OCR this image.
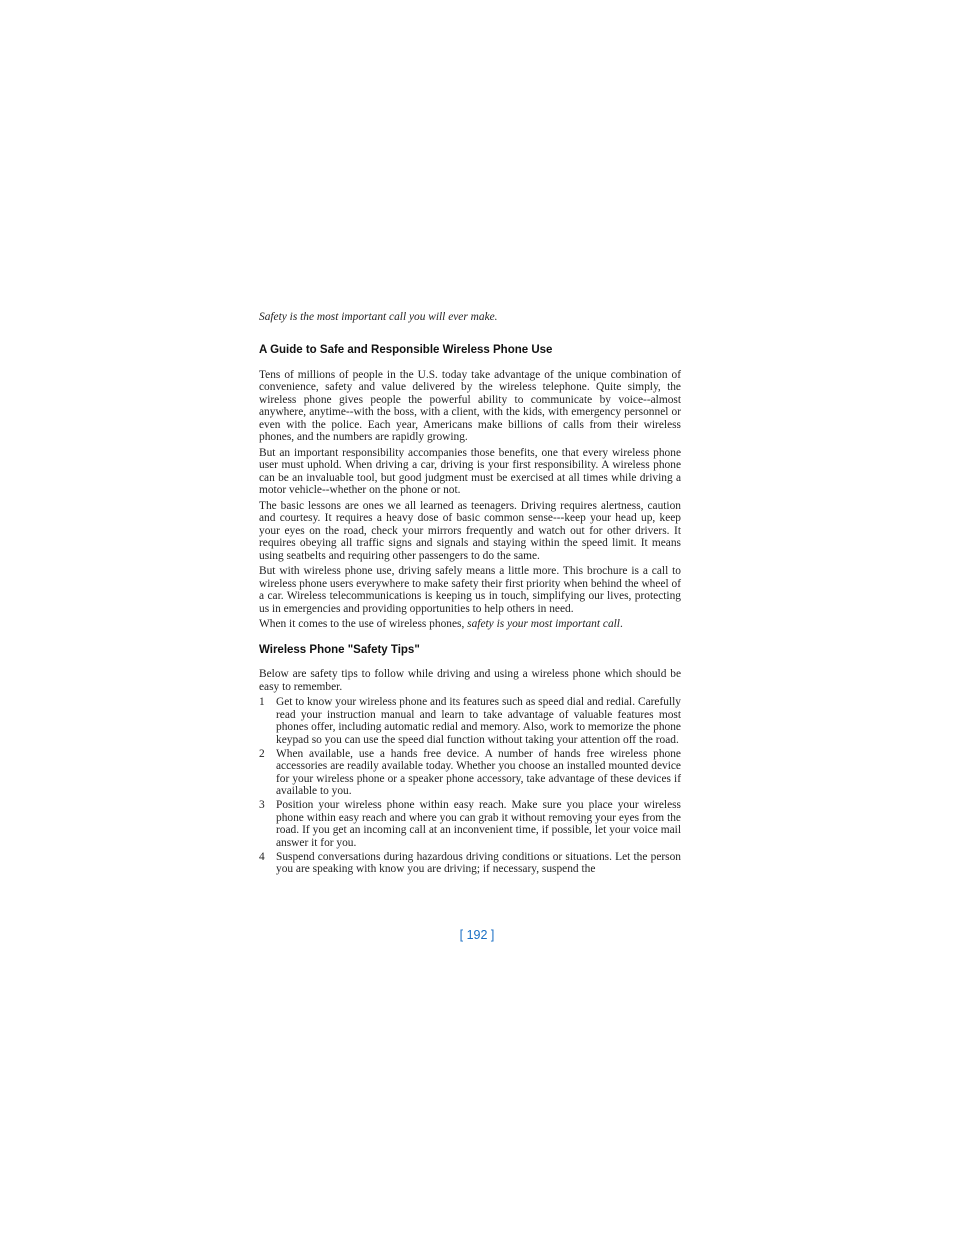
Safety is the most important call you will ever make.

A Guide to Safe and Responsible Wireless Phone Use

Tens of millions of people in the U.S. today take advantage of the unique combination of convenience, safety and value delivered by the wireless telephone. Quite simply, the wireless phone gives people the powerful ability to communicate by voice--almost anywhere, anytime--with the boss, with a client, with the kids, with emergency personnel or even with the police. Each year, Americans make billions of calls from their wireless phones, and the numbers are rapidly growing.

But an important responsibility accompanies those benefits, one that every wireless phone user must uphold. When driving a car, driving is your first responsibility. A wireless phone can be an invaluable tool, but good judgment must be exercised at all times while driving a motor vehicle--whether on the phone or not.

The basic lessons are ones we all learned as teenagers. Driving requires alertness, caution and courtesy. It requires a heavy dose of basic common sense---keep your head up, keep your eyes on the road, check your mirrors frequently and watch out for other drivers. It requires obeying all traffic signs and signals and staying within the speed limit. It means using seatbelts and requiring other passengers to do the same.

But with wireless phone use, driving safely means a little more. This brochure is a call to wireless phone users everywhere to make safety their first priority when behind the wheel of a car. Wireless telecommunications is keeping us in touch, simplifying our lives, protecting us in emergencies and providing opportunities to help others in need.

When it comes to the use of wireless phones, safety is your most important call.

Wireless Phone "Safety Tips"

Below are safety tips to follow while driving and using a wireless phone which should be easy to remember.

1 Get to know your wireless phone and its features such as speed dial and redial. Carefully read your instruction manual and learn to take advantage of valuable features most phones offer, including automatic redial and memory. Also, work to memorize the phone keypad so you can use the speed dial function without taking your attention off the road.
2 When available, use a hands free device. A number of hands free wireless phone accessories are readily available today. Whether you choose an installed mounted device for your wireless phone or a speaker phone accessory, take advantage of these devices if available to you.
3 Position your wireless phone within easy reach. Make sure you place your wireless phone within easy reach and where you can grab it without removing your eyes from the road. If you get an incoming call at an inconvenient time, if possible, let your voice mail answer it for you.
4 Suspend conversations during hazardous driving conditions or situations. Let the person you are speaking with know you are driving; if necessary, suspend the
[ 192 ]
